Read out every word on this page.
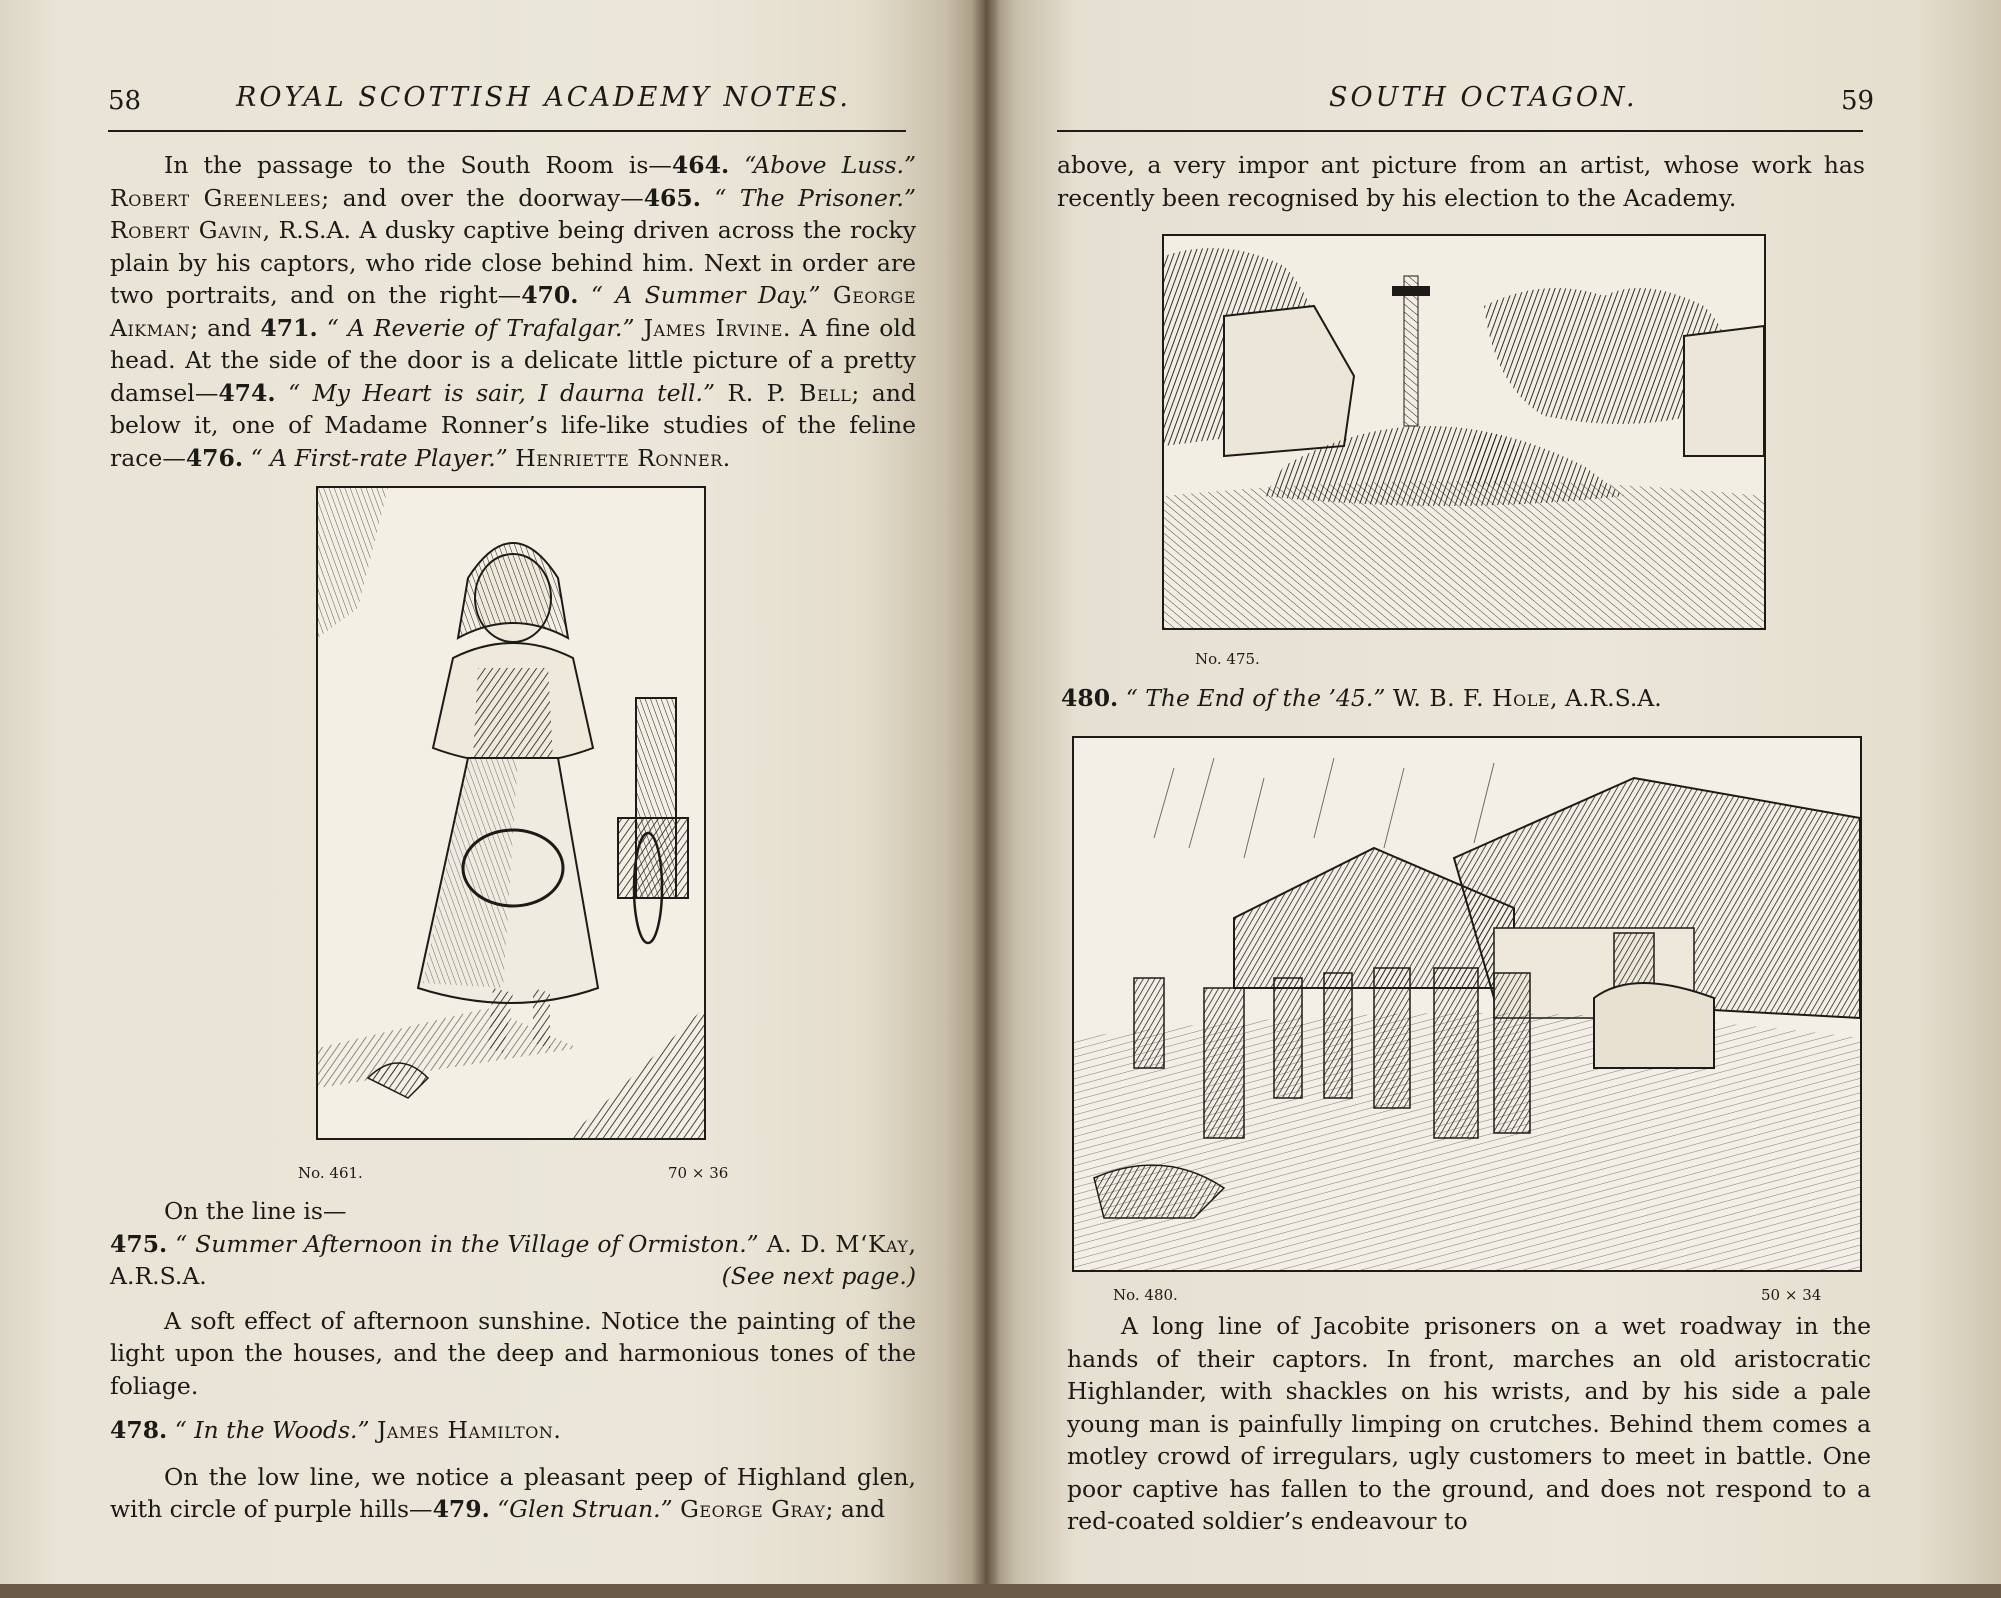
58	ROYAL SCOTTISH ACADEMY NOTES.

In the passage to the South Room is—464. “Above Luss.” Robert Greenlees; and over the doorway—465. “ The Prisoner.” Robert Gavin, R.S.A. A dusky captive being driven across the rocky plain by his captors, who ride close behind him. Next in order are two portraits, and on the right—470. “ A Summer Day.” George Aikman; and 471. “ A Reverie of Trafalgar.” James Irvine. A fine old head. At the side of the door is a delicate little picture of a pretty damsel—474. “ My Heart is sair, I daurna tell.” R. P. Bell; and below it, one of Madame Ronner’s life-like studies of the feline race—476. “ A First-rate Player.” Henriette Ronner.

No. 461.	70 × 36

On the line is—

475. “ Summer Afternoon in the Village of Ormiston.” A. D. M‘Kay, A.R.S.A.	(See next page.)

A soft effect of afternoon sunshine. Notice the painting of the light upon the houses, and the deep and harmonious tones of the foliage.

478. “ In the Woods.” James Hamilton.

On the low line, we notice a pleasant peep of Highland glen, with circle of purple hills—479. “Glen Struan.” George Gray; and

SOUTH OCTAGON.	59
above, a very impor ant picture from an artist, whose work has recently been recognised by his election to the Academy.
No. 475.

480. “ The End of the ’45.” W. B. F. Hole, A.R.S.A.

No. 480.	50 × 34

A long line of Jacobite prisoners on a wet roadway in the hands of their captors. In front, marches an old aristocratic Highlander, with shackles on his wrists, and by his side a pale young man is painfully limping on crutches. Behind them comes a motley crowd of irregulars, ugly customers to meet in battle. One poor captive has fallen to the ground, and does not respond to a red-coated soldier’s endeavour to
